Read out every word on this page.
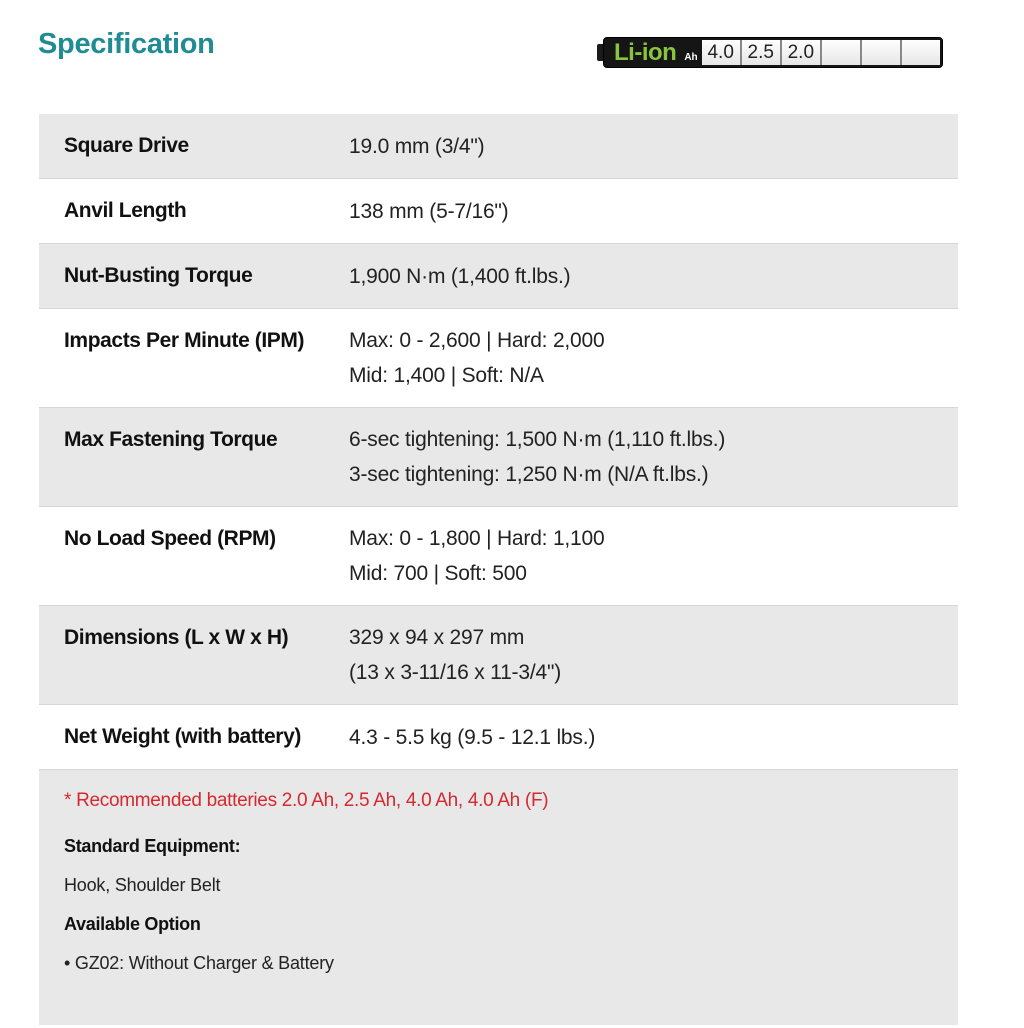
Specification	Li-ion Ah 4.0 2.5 2.0
Square Drive	19.0 mm (3/4")
Anvil Length	138 mm (5-7/16")
Nut-Busting Torque	1,900 N·m (1,400 ft.lbs.)
Impacts Per Minute (IPM)	Max: 0 - 2,600 | Hard: 2,000
Mid: 1,400 | Soft: N/A
Max Fastening Torque	6-sec tightening: 1,500 N·m (1,110 ft.lbs.)
3-sec tightening: 1,250 N·m (N/A ft.lbs.)
No Load Speed (RPM)	Max: 0 - 1,800 | Hard: 1,100
Mid: 700 | Soft: 500
Dimensions (L x W x H)	329 x 94 x 297 mm
(13 x 3-11/16 x 11-3/4")
Net Weight (with battery)	4.3 - 5.5 kg (9.5 - 12.1 lbs.)
* Recommended batteries 2.0 Ah, 2.5 Ah, 4.0 Ah, 4.0 Ah (F)
Standard Equipment:
Hook, Shoulder Belt
Available Option
• GZ02: Without Charger & Battery
